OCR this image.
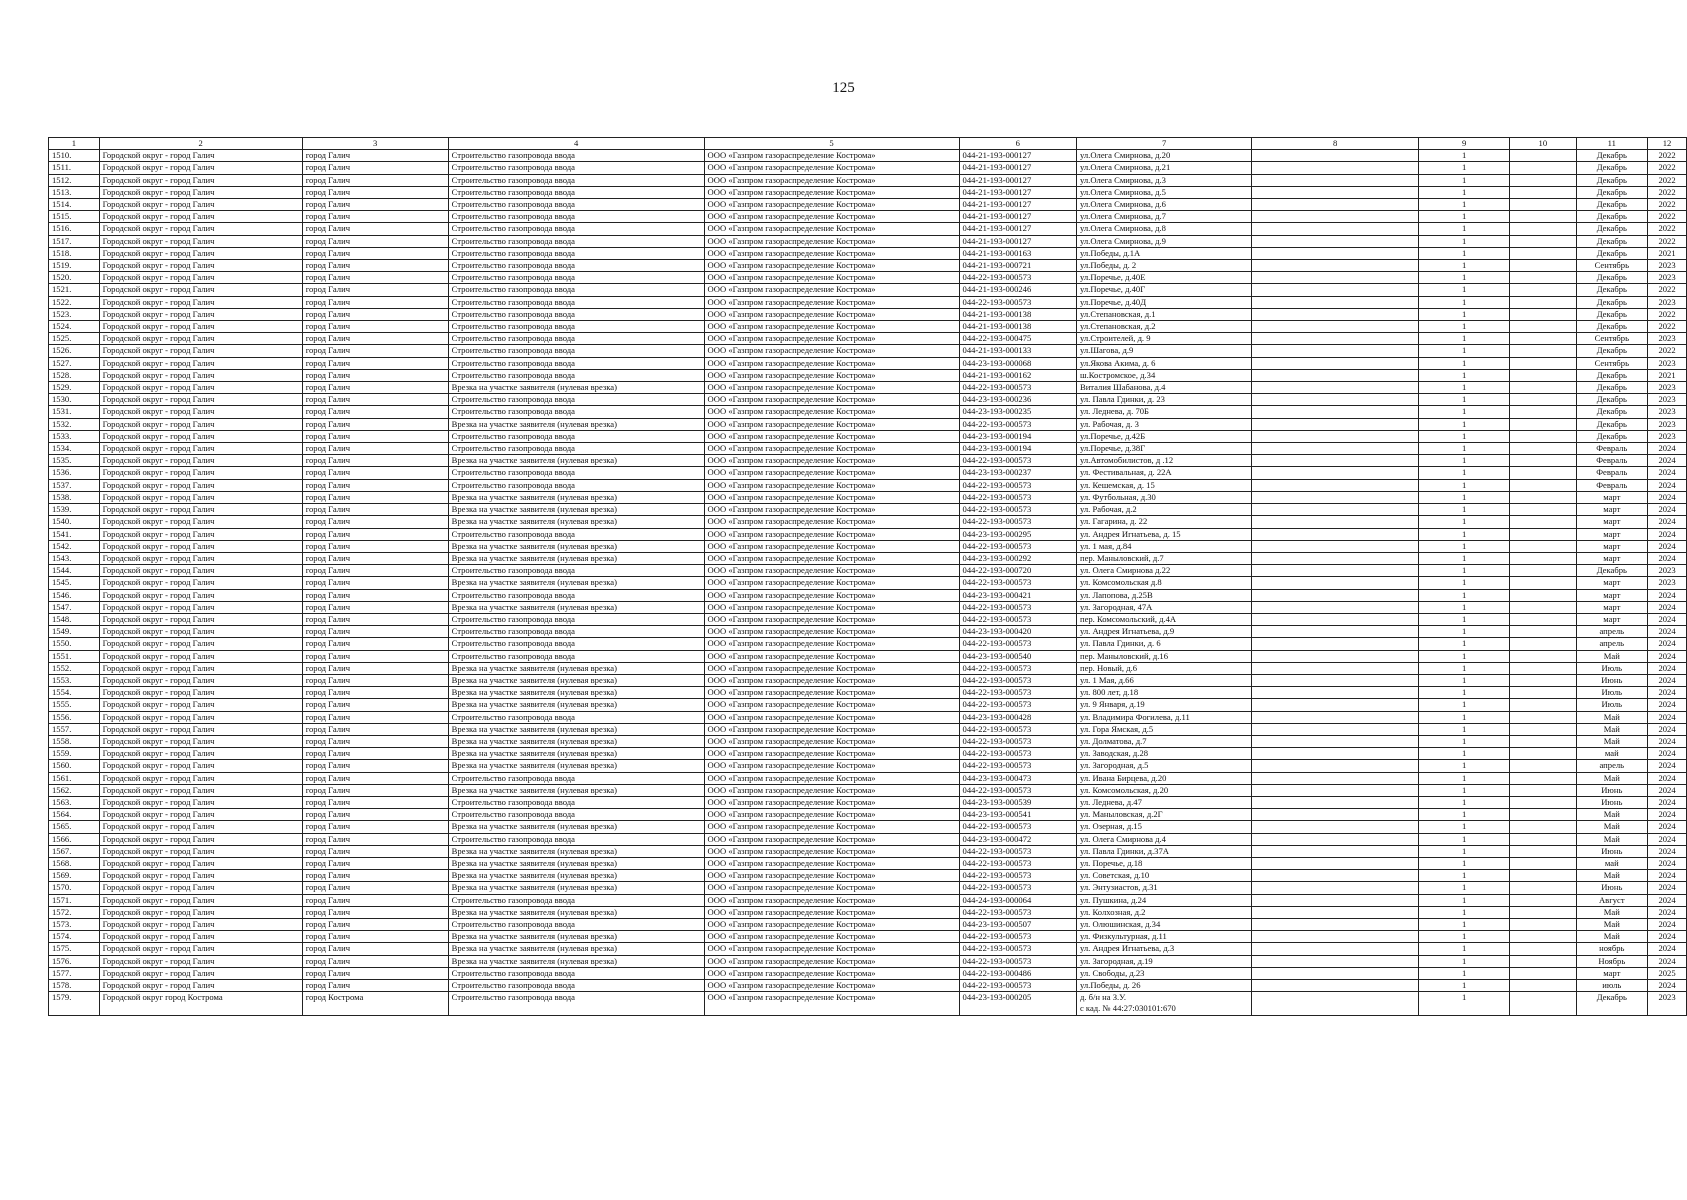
125
1	2	3	4	5	6	7	8	9	10	11	12
1510.	Городской округ - город Галич	город Галич	Строительство газопровода ввода	ООО «Газпром газораспределение Кострома»	044-21-193-000127	ул.Олега Смирнова, д.20		1		Декабрь	2022
1511.	Городской округ - город Галич	город Галич	Строительство газопровода ввода	ООО «Газпром газораспределение Кострома»	044-21-193-000127	ул.Олега Смирнова, д.21		1		Декабрь	2022
1512.	Городской округ - город Галич	город Галич	Строительство газопровода ввода	ООО «Газпром газораспределение Кострома»	044-21-193-000127	ул.Олега Смирнова, д.3		1		Декабрь	2022
1513.	Городской округ - город Галич	город Галич	Строительство газопровода ввода	ООО «Газпром газораспределение Кострома»	044-21-193-000127	ул.Олега Смирнова, д.5		1		Декабрь	2022
1514.	Городской округ - город Галич	город Галич	Строительство газопровода ввода	ООО «Газпром газораспределение Кострома»	044-21-193-000127	ул.Олега Смирнова, д.6		1		Декабрь	2022
1515.	Городской округ - город Галич	город Галич	Строительство газопровода ввода	ООО «Газпром газораспределение Кострома»	044-21-193-000127	ул.Олега Смирнова, д.7		1		Декабрь	2022
1516.	Городской округ - город Галич	город Галич	Строительство газопровода ввода	ООО «Газпром газораспределение Кострома»	044-21-193-000127	ул.Олега Смирнова, д.8		1		Декабрь	2022
1517.	Городской округ - город Галич	город Галич	Строительство газопровода ввода	ООО «Газпром газораспределение Кострома»	044-21-193-000127	ул.Олега Смирнова, д.9		1		Декабрь	2022
1518.	Городской округ - город Галич	город Галич	Строительство газопровода ввода	ООО «Газпром газораспределение Кострома»	044-21-193-000163	ул.Победы, д.1А		1		Декабрь	2021
1519.	Городской округ - город Галич	город Галич	Строительство газопровода ввода	ООО «Газпром газораспределение Кострома»	044-21-193-000721	ул.Победы, д. 2		1		Сентябрь	2023
1520.	Городской округ - город Галич	город Галич	Строительство газопровода ввода	ООО «Газпром газораспределение Кострома»	044-22-193-000573	ул.Поречье, д.40Е		1		Декабрь	2023
1521.	Городской округ - город Галич	город Галич	Строительство газопровода ввода	ООО «Газпром газораспределение Кострома»	044-21-193-000246	ул.Поречье, д.40Г		1		Декабрь	2022
1522.	Городской округ - город Галич	город Галич	Строительство газопровода ввода	ООО «Газпром газораспределение Кострома»	044-22-193-000573	ул.Поречье, д.40Д		1		Декабрь	2023
1523.	Городской округ - город Галич	город Галич	Строительство газопровода ввода	ООО «Газпром газораспределение Кострома»	044-21-193-000138	ул.Степановская, д.1		1		Декабрь	2022
1524.	Городской округ - город Галич	город Галич	Строительство газопровода ввода	ООО «Газпром газораспределение Кострома»	044-21-193-000138	ул.Степановская, д.2		1		Декабрь	2022
1525.	Городской округ - город Галич	город Галич	Строительство газопровода ввода	ООО «Газпром газораспределение Кострома»	044-22-193-000475	ул.Строителей, д. 9		1		Сентябрь	2023
1526.	Городской округ - город Галич	город Галич	Строительство газопровода ввода	ООО «Газпром газораспределение Кострома»	044-21-193-000133	ул.Шагова, д.9		1		Декабрь	2022
1527.	Городской округ - город Галич	город Галич	Строительство газопровода ввода	ООО «Газпром газораспределение Кострома»	044-23-193-000068	ул.Якова Акима, д. 6		1		Сентябрь	2023
1528.	Городской округ - город Галич	город Галич	Строительство газопровода ввода	ООО «Газпром газораспределение Кострома»	044-21-193-000162	ш.Костромское, д.34		1		Декабрь	2021
1529.	Городской округ - город Галич	город Галич	Врезка на участке заявителя (нулевая врезка)	ООО «Газпром газораспределение Кострома»	044-22-193-000573	Виталия Шабанова, д.4		1		Декабрь	2023
1530.	Городской округ - город Галич	город Галич	Строительство газопровода ввода	ООО «Газпром газораспределение Кострома»	044-23-193-000236	ул. Павла Гдинки, д. 23		1		Декабрь	2023
1531.	Городской округ - город Галич	город Галич	Строительство газопровода ввода	ООО «Газпром газораспределение Кострома»	044-23-193-000235	ул. Леднева, д. 70Б		1		Декабрь	2023
1532.	Городской округ - город Галич	город Галич	Врезка на участке заявителя (нулевая врезка)	ООО «Газпром газораспределение Кострома»	044-22-193-000573	ул. Рабочая, д. 3		1		Декабрь	2023
1533.	Городской округ - город Галич	город Галич	Строительство газопровода ввода	ООО «Газпром газораспределение Кострома»	044-23-193-000194	ул.Поречье, д.42Б		1		Декабрь	2023
1534.	Городской округ - город Галич	город Галич	Строительство газопровода ввода	ООО «Газпром газораспределение Кострома»	044-23-193-000194	ул.Поречье, д.38Г		1		Февраль	2024
1535.	Городской округ - город Галич	город Галич	Врезка на участке заявителя (нулевая врезка)	ООО «Газпром газораспределение Кострома»	044-22-193-000573	ул.Автомобилистов, д .12		1		Февраль	2024
1536.	Городской округ - город Галич	город Галич	Строительство газопровода ввода	ООО «Газпром газораспределение Кострома»	044-23-193-000237	ул. Фестивальная, д. 22А		1		Февраль	2024
1537.	Городской округ - город Галич	город Галич	Строительство газопровода ввода	ООО «Газпром газораспределение Кострома»	044-22-193-000573	ул. Кешемская, д. 15		1		Февраль	2024
1538.	Городской округ - город Галич	город Галич	Врезка на участке заявителя (нулевая врезка)	ООО «Газпром газораспределение Кострома»	044-22-193-000573	ул. Футбольная, д.30		1		март	2024
1539.	Городской округ - город Галич	город Галич	Врезка на участке заявителя (нулевая врезка)	ООО «Газпром газораспределение Кострома»	044-22-193-000573	ул. Рабочая, д.2		1		март	2024
1540.	Городской округ - город Галич	город Галич	Врезка на участке заявителя (нулевая врезка)	ООО «Газпром газораспределение Кострома»	044-22-193-000573	ул. Гагарина, д. 22		1		март	2024
1541.	Городской округ - город Галич	город Галич	Строительство газопровода ввода	ООО «Газпром газораспределение Кострома»	044-23-193-000295	ул. Андрея Игнатьева, д. 15		1		март	2024
1542.	Городской округ - город Галич	город Галич	Врезка на участке заявителя (нулевая врезка)	ООО «Газпром газораспределение Кострома»	044-22-193-000573	ул. 1 мая, д.84		1		март	2024
1543.	Городской округ - город Галич	город Галич	Врезка на участке заявителя (нулевая врезка)	ООО «Газпром газораспределение Кострома»	044-23-193-000292	пер. Маныловский, д.7		1		март	2024
1544.	Городской округ - город Галич	город Галич	Строительство газопровода ввода	ООО «Газпром газораспределение Кострома»	044-22-193-000720	ул. Олега Смирнова д.22		1		Декабрь	2023
1545.	Городской округ - город Галич	город Галич	Врезка на участке заявителя (нулевая врезка)	ООО «Газпром газораспределение Кострома»	044-22-193-000573	ул. Комсомольская д.8		1		март	2023
1546.	Городской округ - город Галич	город Галич	Строительство газопровода ввода	ООО «Газпром газораспределение Кострома»	044-23-193-000421	ул. Лапопова, д.25В		1		март	2024
1547.	Городской округ - город Галич	город Галич	Врезка на участке заявителя (нулевая врезка)	ООО «Газпром газораспределение Кострома»	044-22-193-000573	ул. Загородная, 47А		1		март	2024
1548.	Городской округ - город Галич	город Галич	Строительство газопровода ввода	ООО «Газпром газораспределение Кострома»	044-22-193-000573	пер. Комсомольский, д.4А		1		март	2024
1549.	Городской округ - город Галич	город Галич	Строительство газопровода ввода	ООО «Газпром газораспределение Кострома»	044-23-193-000420	ул. Андрея Игнатьева, д.9		1		апрель	2024
1550.	Городской округ - город Галич	город Галич	Строительство газопровода ввода	ООО «Газпром газораспределение Кострома»	044-22-193-000573	ул. Павла Гдинки, д. 6		1		апрель	2024
1551.	Городской округ - город Галич	город Галич	Строительство газопровода ввода	ООО «Газпром газораспределение Кострома»	044-23-193-000540	пер. Маныловский, д.16		1		Май	2024
1552.	Городской округ - город Галич	город Галич	Врезка на участке заявителя (нулевая врезка)	ООО «Газпром газораспределение Кострома»	044-22-193-000573	пер. Новый, д.6		1		Июль	2024
1553.	Городской округ - город Галич	город Галич	Врезка на участке заявителя (нулевая врезка)	ООО «Газпром газораспределение Кострома»	044-22-193-000573	ул. 1 Мая, д.66		1		Июнь	2024
1554.	Городской округ - город Галич	город Галич	Врезка на участке заявителя (нулевая врезка)	ООО «Газпром газораспределение Кострома»	044-22-193-000573	ул. 800 лет, д.18		1		Июль	2024
1555.	Городской округ - город Галич	город Галич	Врезка на участке заявителя (нулевая врезка)	ООО «Газпром газораспределение Кострома»	044-22-193-000573	ул. 9 Января, д.19		1		Июль	2024
1556.	Городской округ - город Галич	город Галич	Строительство газопровода ввода	ООО «Газпром газораспределение Кострома»	044-23-193-000428	ул. Владимира Фогилева, д.11		1		Май	2024
1557.	Городской округ - город Галич	город Галич	Врезка на участке заявителя (нулевая врезка)	ООО «Газпром газораспределение Кострома»	044-22-193-000573	ул. Гора Ямская, д.5		1		Май	2024
1558.	Городской округ - город Галич	город Галич	Врезка на участке заявителя (нулевая врезка)	ООО «Газпром газораспределение Кострома»	044-22-193-000573	ул. Долматова, д.7		1		Май	2024
1559.	Городской округ - город Галич	город Галич	Врезка на участке заявителя (нулевая врезка)	ООО «Газпром газораспределение Кострома»	044-22-193-000573	ул. Заводская, д.28		1		май	2024
1560.	Городской округ - город Галич	город Галич	Врезка на участке заявителя (нулевая врезка)	ООО «Газпром газораспределение Кострома»	044-22-193-000573	ул. Загородная, д.5		1		апрель	2024
1561.	Городской округ - город Галич	город Галич	Строительство газопровода ввода	ООО «Газпром газораспределение Кострома»	044-23-193-000473	ул. Ивана Бирцева, д.20		1		Май	2024
1562.	Городской округ - город Галич	город Галич	Врезка на участке заявителя (нулевая врезка)	ООО «Газпром газораспределение Кострома»	044-22-193-000573	ул. Комсомольская, д.20		1		Июнь	2024
1563.	Городской округ - город Галич	город Галич	Строительство газопровода ввода	ООО «Газпром газораспределение Кострома»	044-23-193-000539	ул. Леднева, д.47		1		Июнь	2024
1564.	Городской округ - город Галич	город Галич	Строительство газопровода ввода	ООО «Газпром газораспределение Кострома»	044-23-193-000541	ул. Маныловская, д.2Г		1		Май	2024
1565.	Городской округ - город Галич	город Галич	Врезка на участке заявителя (нулевая врезка)	ООО «Газпром газораспределение Кострома»	044-22-193-000573	ул. Озерная, д.15		1		Май	2024
1566.	Городской округ - город Галич	город Галич	Строительство газопровода ввода	ООО «Газпром газораспределение Кострома»	044-23-193-000472	ул. Олега Смирнова д.4		1		Май	2024
1567.	Городской округ - город Галич	город Галич	Врезка на участке заявителя (нулевая врезка)	ООО «Газпром газораспределение Кострома»	044-22-193-000573	ул. Павла Гдинки, д.37А		1		Июнь	2024
1568.	Городской округ - город Галич	город Галич	Врезка на участке заявителя (нулевая врезка)	ООО «Газпром газораспределение Кострома»	044-22-193-000573	ул. Поречье, д.18		1		май	2024
1569.	Городской округ - город Галич	город Галич	Врезка на участке заявителя (нулевая врезка)	ООО «Газпром газораспределение Кострома»	044-22-193-000573	ул. Советская, д.10		1		Май	2024
1570.	Городской округ - город Галич	город Галич	Врезка на участке заявителя (нулевая врезка)	ООО «Газпром газораспределение Кострома»	044-22-193-000573	ул. Энтузиастов, д.31		1		Июнь	2024
1571.	Городской округ - город Галич	город Галич	Строительство газопровода ввода	ООО «Газпром газораспределение Кострома»	044-24-193-000064	ул. Пушкина, д.24		1		Август	2024
1572.	Городской округ - город Галич	город Галич	Врезка на участке заявителя (нулевая врезка)	ООО «Газпром газораспределение Кострома»	044-22-193-000573	ул. Колхозная, д.2		1		Май	2024
1573.	Городской округ - город Галич	город Галич	Строительство газопровода ввода	ООО «Газпром газораспределение Кострома»	044-23-193-000507	ул. Олюшинская, д.34		1		Май	2024
1574.	Городской округ - город Галич	город Галич	Врезка на участке заявителя (нулевая врезка)	ООО «Газпром газораспределение Кострома»	044-22-193-000573	ул. Физкультурная, д.11		1		Май	2024
1575.	Городской округ - город Галич	город Галич	Врезка на участке заявителя (нулевая врезка)	ООО «Газпром газораспределение Кострома»	044-22-193-000573	ул. Андрея Игнатьева, д.3		1		ноябрь	2024
1576.	Городской округ - город Галич	город Галич	Врезка на участке заявителя (нулевая врезка)	ООО «Газпром газораспределение Кострома»	044-22-193-000573	ул. Загородная, д.19		1		Ноябрь	2024
1577.	Городской округ - город Галич	город Галич	Строительство газопровода ввода	ООО «Газпром газораспределение Кострома»	044-22-193-000486	ул. Свободы, д.23		1		март	2025
1578.	Городской округ - город Галич	город Галич	Строительство газопровода ввода	ООО «Газпром газораспределение Кострома»	044-22-193-000573	ул.Победы, д. 26		1		июль	2024
1579.	Городской округ город Кострома	город Кострома	Строительство газопровода ввода	ООО «Газпром газораспределение Кострома»	044-23-193-000205	д. б/н на З.У.
с кад. № 44:27:030101:670		1		Декабрь	2023
